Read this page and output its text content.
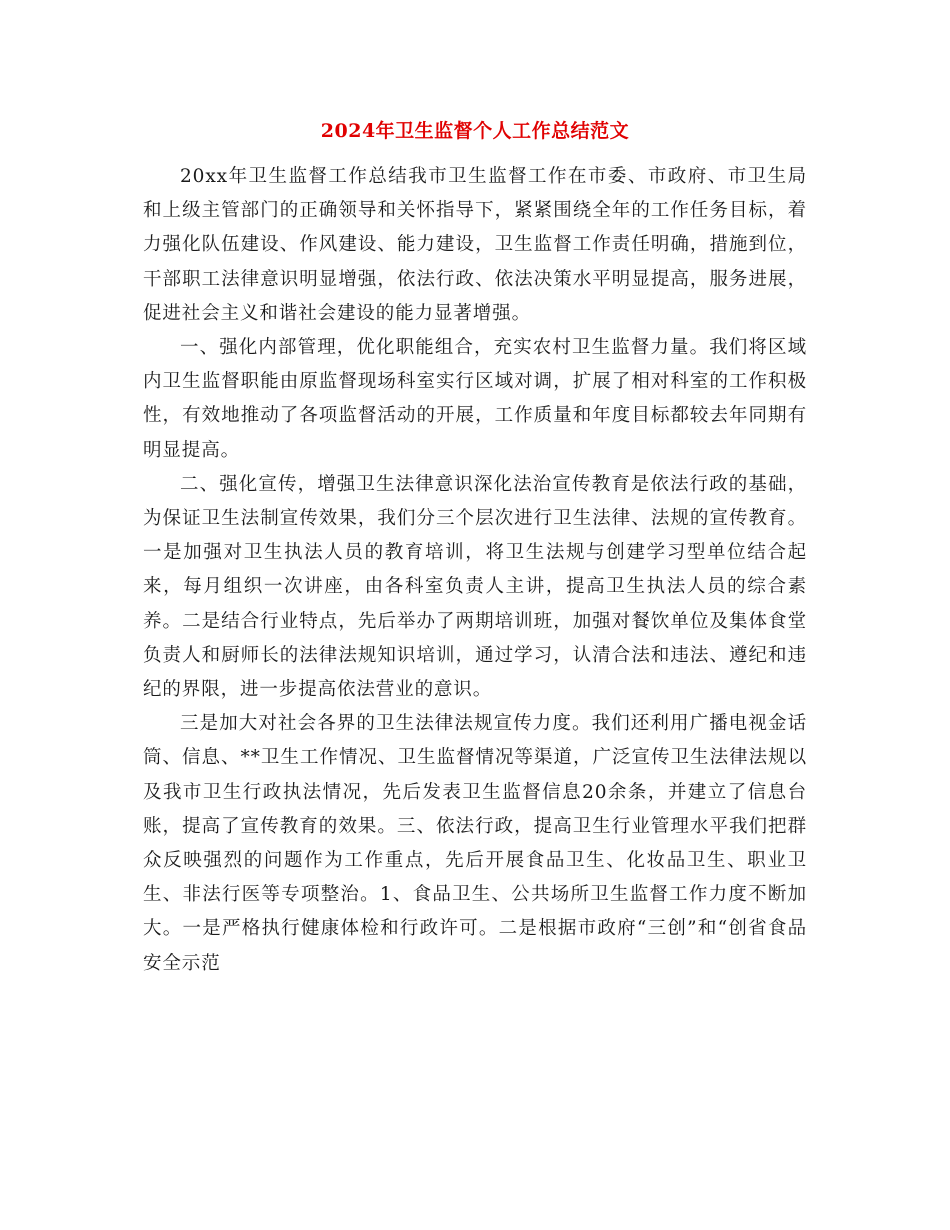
2024年卫生监督个人工作总结范文

20xx年卫生监督工作总结我市卫生监督工作在市委、市政府、市卫生局和上级主管部门的正确领导和关怀指导下，紧紧围绕全年的工作任务目标，着力强化队伍建设、作风建设、能力建设，卫生监督工作责任明确，措施到位，干部职工法律意识明显增强，依法行政、依法决策水平明显提高，服务进展，促进社会主义和谐社会建设的能力显著增强。

一、强化内部管理，优化职能组合，充实农村卫生监督力量。我们将区域内卫生监督职能由原监督现场科室实行区域对调，扩展了相对科室的工作积极性，有效地推动了各项监督活动的开展，工作质量和年度目标都较去年同期有明显提高。

二、强化宣传，增强卫生法律意识深化法治宣传教育是依法行政的基础，为保证卫生法制宣传效果，我们分三个层次进行卫生法律、法规的宣传教育。一是加强对卫生执法人员的教育培训，将卫生法规与创建学习型单位结合起来，每月组织一次讲座，由各科室负责人主讲，提高卫生执法人员的综合素养。二是结合行业特点，先后举办了两期培训班，加强对餐饮单位及集体食堂负责人和厨师长的法律法规知识培训，通过学习，认清合法和违法、遵纪和违纪的界限，进一步提高依法营业的意识。

三是加大对社会各界的卫生法律法规宣传力度。我们还利用广播电视金话筒、信息、**卫生工作情况、卫生监督情况等渠道，广泛宣传卫生法律法规以及我市卫生行政执法情况，先后发表卫生监督信息20余条，并建立了信息台账，提高了宣传教育的效果。三、依法行政，提高卫生行业管理水平我们把群众反映强烈的问题作为工作重点，先后开展食品卫生、化妆品卫生、职业卫生、非法行医等专项整治。1、食品卫生、公共场所卫生监督工作力度不断加大。一是严格执行健康体检和行政许可。二是根据市政府“三创”和“创省食品安全示范
